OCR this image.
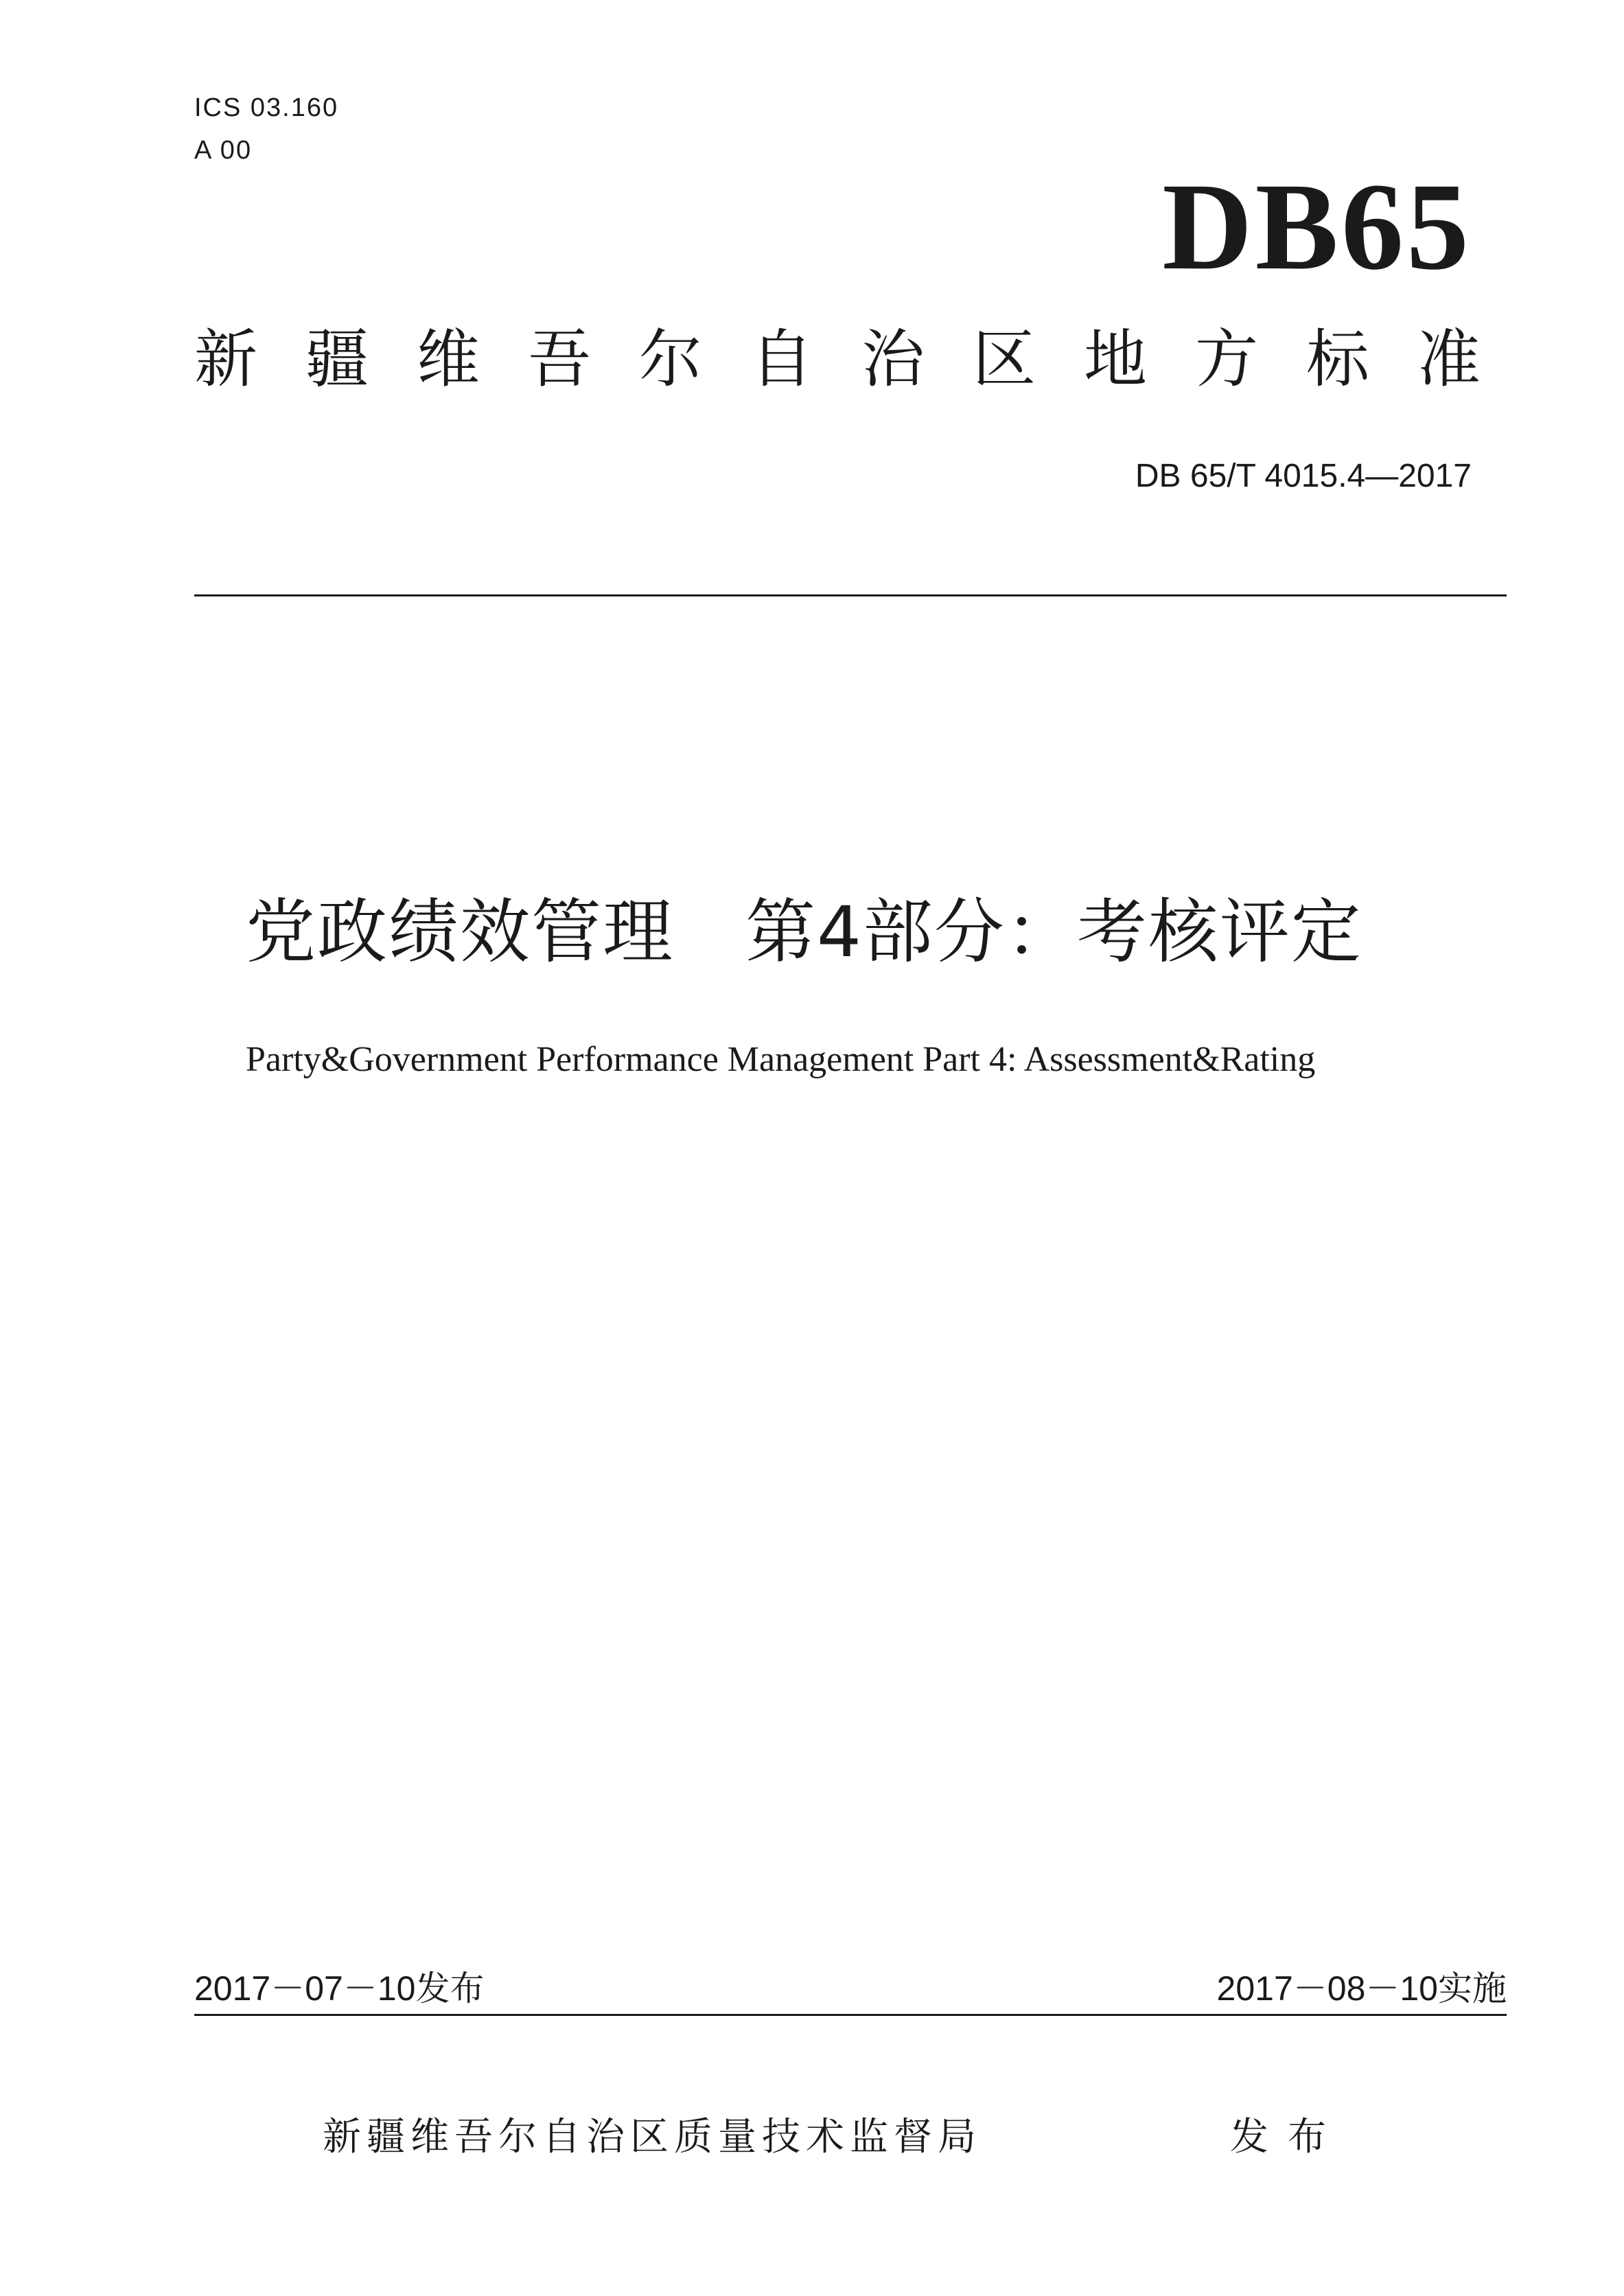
ICS 03.160
A 00
DB65
新疆维吾尔自治区地方标准
DB 65/T 4015.4—2017
党政绩效管理　第4部分：考核评定
Party&Government Performance Management Part 4: Assessment&Rating
2017－07－10发布	2017－08－10实施
新疆维吾尔自治区质量技术监督局	发布
